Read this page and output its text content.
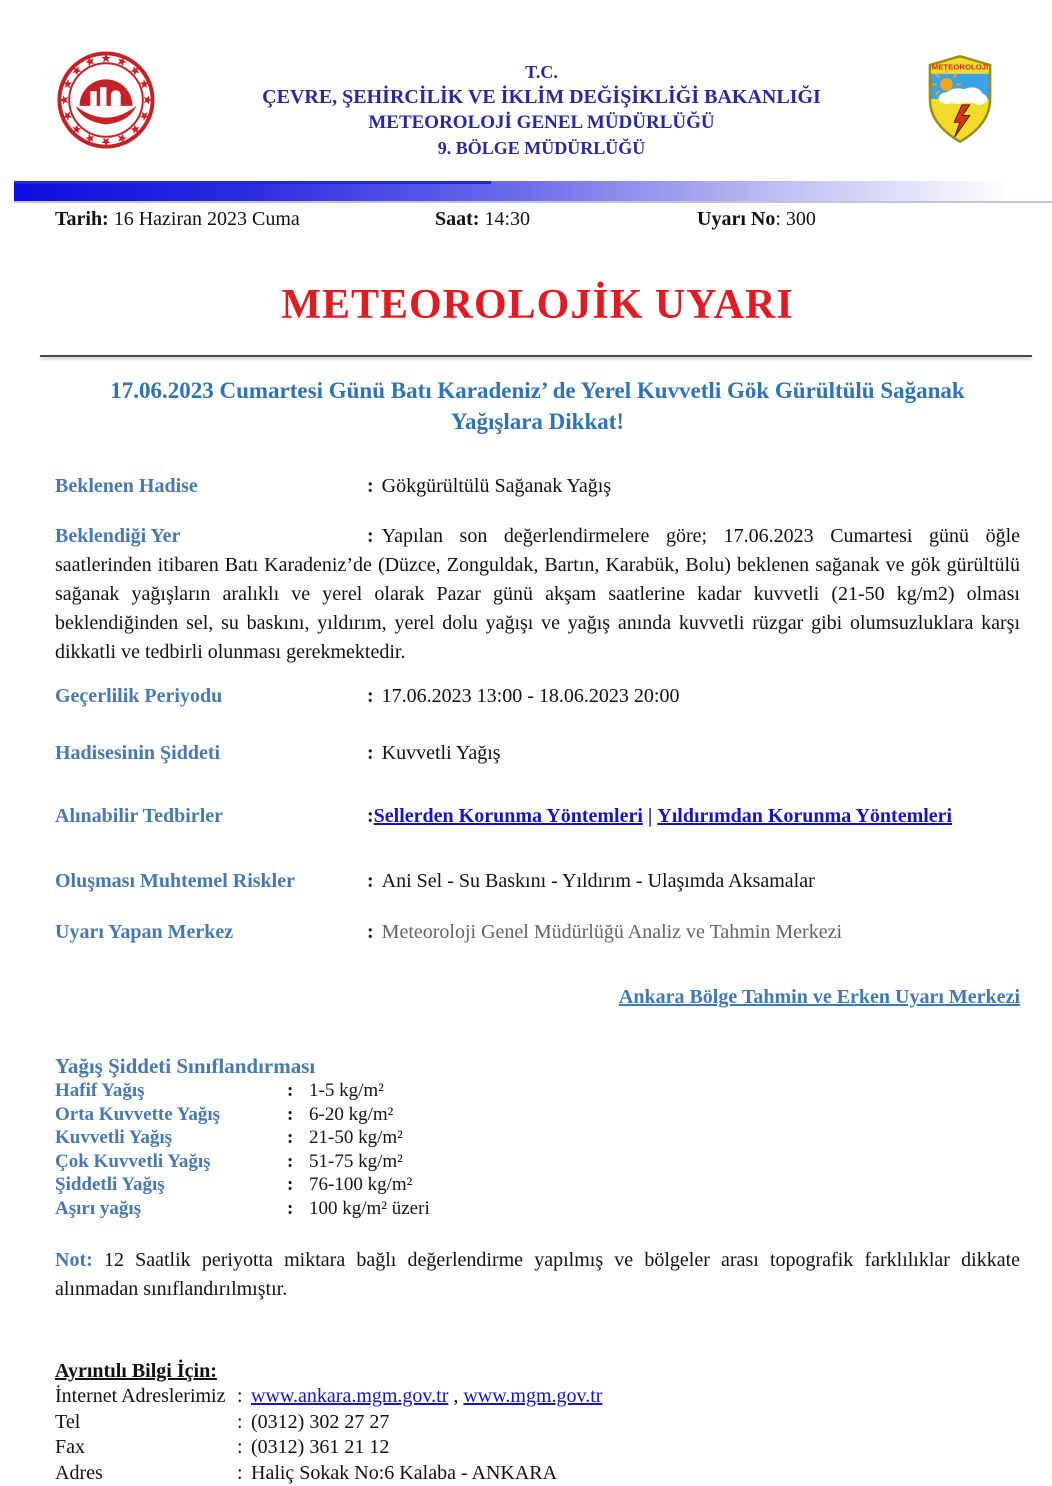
T.C.
ÇEVRE, ŞEHİRCİLİK VE İKLİM DEĞİŞİKLİĞİ BAKANLIĞI
METEOROLOJİ GENEL MÜDÜRLÜĞÜ
9. BÖLGE MÜDÜRLÜĞÜ
METEOROLOJİ
Tarih: 16 Haziran 2023 Cuma	Saat: 14:30	Uyarı No: 300
METEOROLOJİK UYARI
17.06.2023 Cumartesi Günü Batı Karadeniz’ de Yerel Kuvvetli Gök Gürültülü Sağanak Yağışlara Dikkat!
Beklenen Hadise	: Gökgürültülü Sağanak Yağış

Beklendiği Yer	: Yapılan son değerlendirmelere göre; 17.06.2023 Cumartesi günü öğle saatlerinden itibaren Batı Karadeniz’de (Düzce, Zonguldak, Bartın, Karabük, Bolu) beklenen sağanak ve gök gürültülü sağanak yağışların aralıklı ve yerel olarak Pazar günü akşam saatlerine kadar kuvvetli (21-50 kg/m2) olması beklendiğinden sel, su baskını, yıldırım, yerel dolu yağışı ve yağış anında kuvvetli rüzgar gibi olumsuzluklara karşı dikkatli ve tedbirli olunması gerekmektedir.

Geçerlilik Periyodu	: 17.06.2023 13:00 - 18.06.2023 20:00
Hadisesinin Şiddeti	: Kuvvetli Yağış
Alınabilir Tedbirler	:Sellerden Korunma Yöntemleri | Yıldırımdan Korunma Yöntemleri
Oluşması Muhtemel Riskler	: Ani Sel - Su Baskını - Yıldırım - Ulaşımda Aksamalar
Uyarı Yapan Merkez	: Meteoroloji Genel Müdürlüğü Analiz ve Tahmin Merkezi
Ankara Bölge Tahmin ve Erken Uyarı Merkezi
Yağış Şiddeti Sınıflandırması
Hafif Yağış	: 1-5 kg/m²
Orta Kuvvette Yağış	: 6-20 kg/m²
Kuvvetli Yağış	: 21-50 kg/m²
Çok Kuvvetli Yağış	: 51-75 kg/m²
Şiddetli Yağış	: 76-100 kg/m²
Aşırı yağış	: 100 kg/m² üzeri

Not: 12 Saatlik periyotta miktara bağlı değerlendirme yapılmış ve bölgeler arası topografik farklılıklar dikkate alınmadan sınıflandırılmıştır.

Ayrıntılı Bilgi İçin:
İnternet Adreslerimiz : www.ankara.mgm.gov.tr , www.mgm.gov.tr
Tel	: (0312) 302 27 27
Fax	: (0312) 361 21 12
Adres	: Haliç Sokak No:6 Kalaba - ANKARA
